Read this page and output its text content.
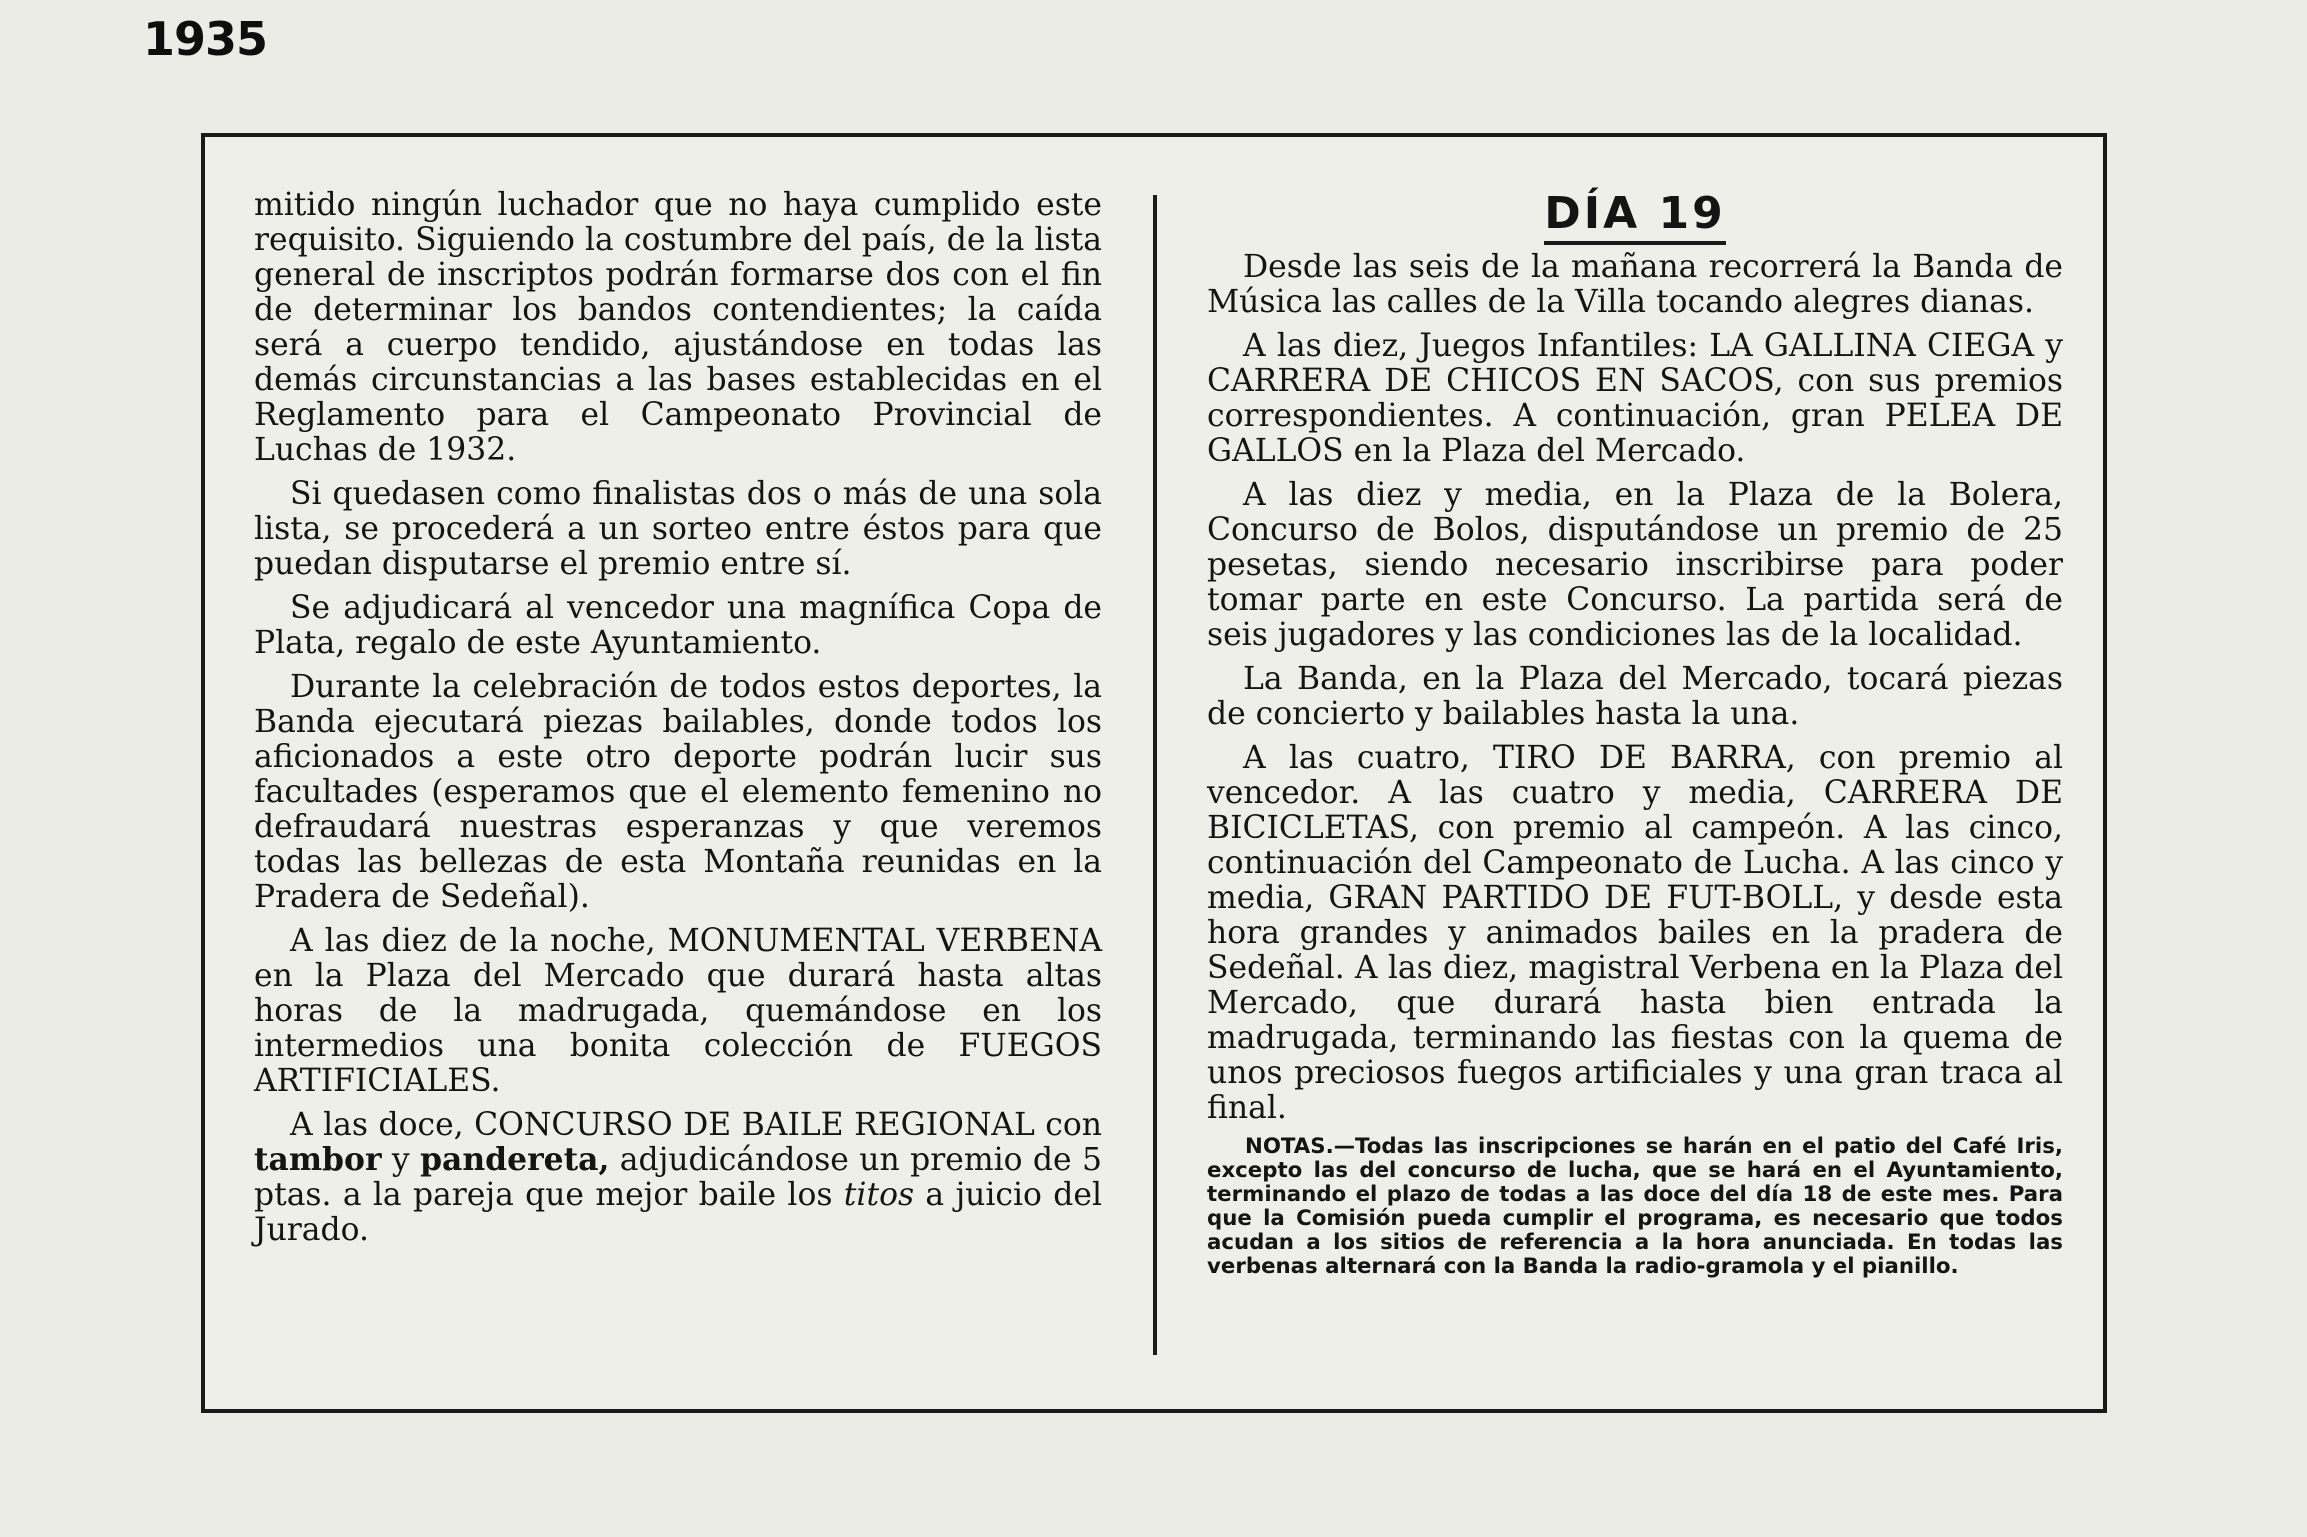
1935

mitido ningún luchador que no haya cumplido este requisito. Siguiendo la costumbre del país, de la lista general de inscriptos podrán formarse dos con el fin de determinar los bandos contendientes; la caída será a cuerpo tendido, ajustándose en todas las demás circunstancias a las bases establecidas en el Reglamento para el Campeonato Provincial de Luchas de 1932.

Si quedasen como finalistas dos o más de una sola lista, se procederá a un sorteo entre éstos para que puedan disputarse el premio entre sí.

Se adjudicará al vencedor una magnífica Copa de Plata, regalo de este Ayuntamiento.

Durante la celebración de todos estos deportes, la Banda ejecutará piezas bailables, donde todos los aficionados a este otro deporte podrán lucir sus facultades (esperamos que el elemento femenino no defraudará nuestras esperanzas y que veremos todas las bellezas de esta Montaña reunidas en la Pradera de Sedeñal).

A las diez de la noche, MONUMENTAL VERBENA en la Plaza del Mercado que durará hasta altas horas de la madrugada, quemándose en los intermedios una bonita colección de FUEGOS ARTIFICIALES.

A las doce, CONCURSO DE BAILE REGIONAL con tambor y pandereta, adjudicándose un premio de 5 ptas. a la pareja que mejor baile los titos a juicio del Jurado.

DÍA 19

Desde las seis de la mañana recorrerá la Banda de Música las calles de la Villa tocando alegres dianas.

A las diez, Juegos Infantiles: LA GALLINA CIEGA y CARRERA DE CHICOS EN SACOS, con sus premios correspondientes. A continuación, gran PELEA DE GALLOS en la Plaza del Mercado.

A las diez y media, en la Plaza de la Bolera, Concurso de Bolos, disputándose un premio de 25 pesetas, siendo necesario inscribirse para poder tomar parte en este Concurso. La partida será de seis jugadores y las condiciones las de la localidad.

La Banda, en la Plaza del Mercado, tocará piezas de concierto y bailables hasta la una.

A las cuatro, TIRO DE BARRA, con premio al vencedor. A las cuatro y media, CARRERA DE BICICLETAS, con premio al campeón. A las cinco, continuación del Campeonato de Lucha. A las cinco y media, GRAN PARTIDO DE FUT-BOLL, y desde esta hora grandes y animados bailes en la pradera de Sedeñal. A las diez, magistral Verbena en la Plaza del Mercado, que durará hasta bien entrada la madrugada, terminando las fiestas con la quema de unos preciosos fuegos artificiales y una gran traca al final.

NOTAS.—Todas las inscripciones se harán en el patio del Café Iris, excepto las del concurso de lucha, que se hará en el Ayuntamiento, terminando el plazo de todas a las doce del día 18 de este mes. Para que la Comisión pueda cumplir el programa, es necesario que todos acudan a los sitios de referencia a la hora anunciada. En todas las verbenas alternará con la Banda la radio-gramola y el pianillo.
